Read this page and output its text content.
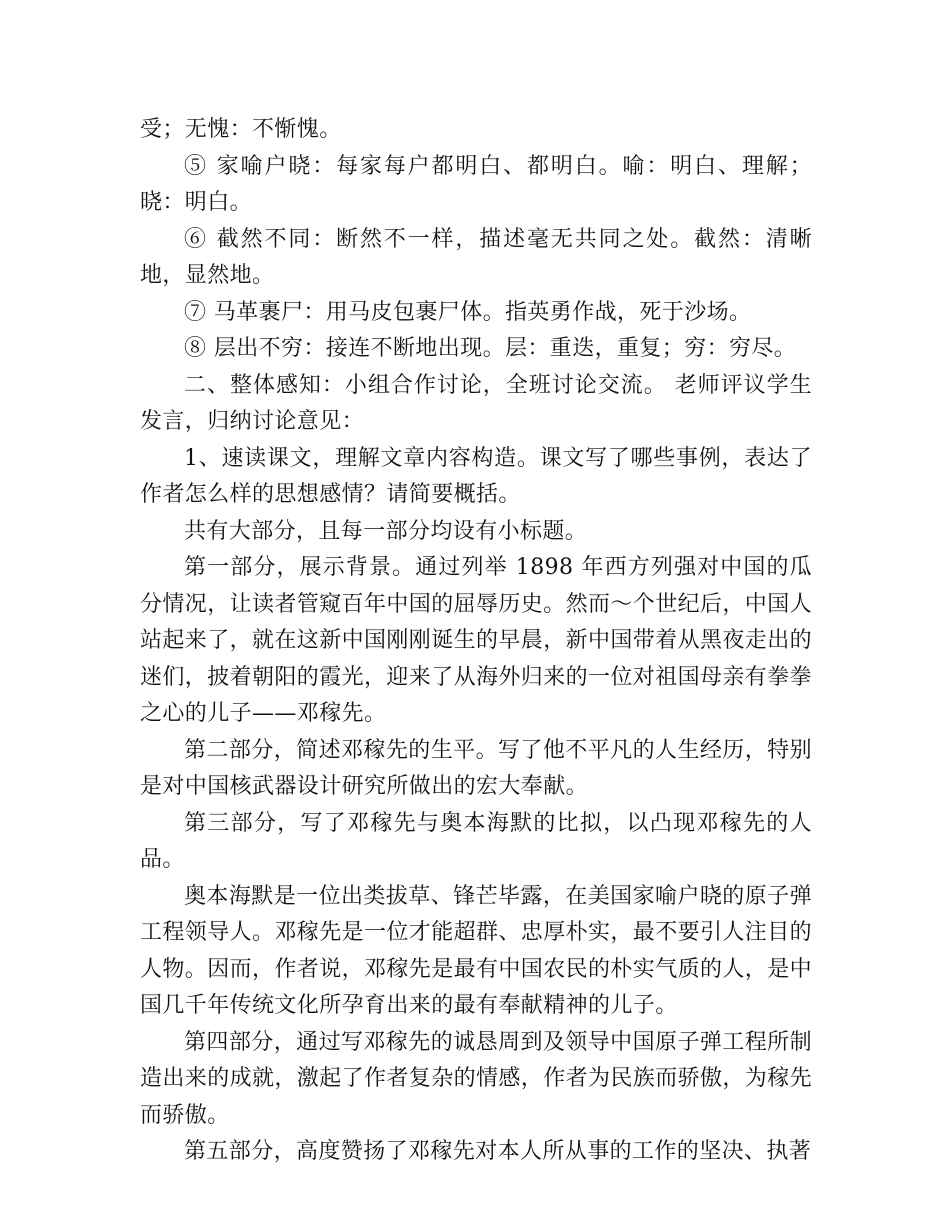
受；无愧：不惭愧。

⑤ 家喻户晓：每家每户都明白、都明白。喻：明白、理解；晓：明白。

⑥ 截然不同：断然不一样，描述毫无共同之处。截然：清晰地，显然地。

⑦ 马革裹尸：用马皮包裹尸体。指英勇作战，死于沙场。

⑧ 层出不穷：接连不断地出现。层：重迭，重复；穷：穷尽。

二、整体感知：小组合作讨论，全班讨论交流。 老师评议学生发言，归纳讨论意见：

1、速读课文，理解文章内容构造。课文写了哪些事例，表达了作者怎么样的思想感情？请简要概括。

共有大部分，且每一部分均设有小标题。

第一部分，展示背景。通过列举 1898 年西方列强对中国的瓜分情况，让读者管窥百年中国的屈辱历史。然而～个世纪后，中国人站起来了，就在这新中国刚刚诞生的早晨，新中国带着从黑夜走出的迷们，披着朝阳的霞光，迎来了从海外归来的一位对祖国母亲有拳拳之心的儿子——邓稼先。

第二部分，简述邓稼先的生平。写了他不平凡的人生经历，特别是对中国核武器设计研究所做出的宏大奉献。

第三部分，写了邓稼先与奥本海默的比拟，以凸现邓稼先的人品。

奥本海默是一位出类拔草、锋芒毕露，在美国家喻户晓的原子弹工程领导人。邓稼先是一位才能超群、忠厚朴实，最不要引人注目的人物。因而，作者说，邓稼先是最有中国农民的朴实气质的人，是中国几千年传统文化所孕育出来的最有奉献精神的儿子。

第四部分，通过写邓稼先的诚恳周到及领导中国原子弹工程所制造出来的成就，激起了作者复杂的情感，作者为民族而骄傲，为稼先而骄傲。

第五部分，高度赞扬了邓稼先对本人所从事的工作的坚决、执著
